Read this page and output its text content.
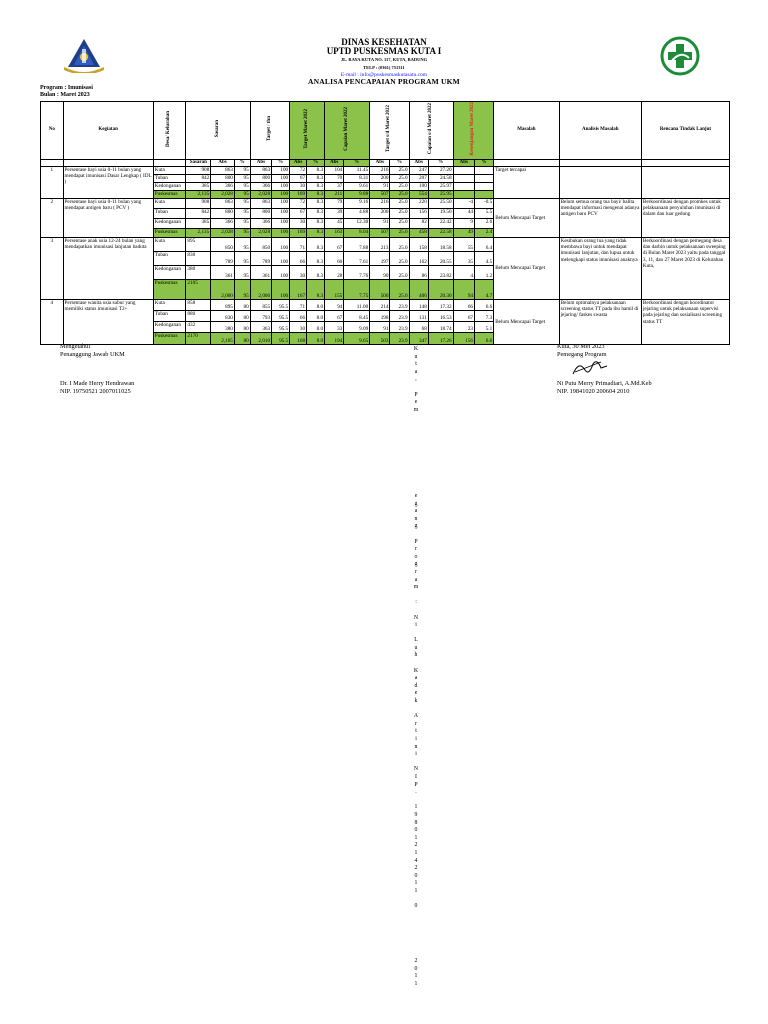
DINAS KESEHATAN
UPTD PUSKESMAS KUTA I
JL. RAYA KUTA NO. 117, KUTA, BADUNG
TELP : (0361) 751311
E-mail : info@puskesmaskutasatu.com
ANALISA PENCAPAIAN PROGRAM UKM
Program : Imunisasi
Bulan : Maret 2023
No	Kegiatan	Desa/ Kelurahan	Sasaran			Target / thn		Target Maret 2022		Capaian Maret 2022		Target s/d Maret 2022		Capaian s/d Maret 2022		Kesenjangan Maret 2022		Masalah	Analisis Masalah	Rencana Tindak Lanjut
			Sasaran	Abs	%	Abs	%	Abs	%	Abs	%	Abs	%	Abs	%	Abs	%			
1	Persentase bayi usia 0-11 bulan yang mendapat imunisasi Dasar Lengkap ( IDL )	Kuta	908	863	95	863	100	72	8.3	104	11.45	216	25.0	247	27.20			Target tercapai		
		Tuban	842	800	95	800	100	67	8.3	70	8.31	200	25.0	207	24.58					
		Kedonganan	385	366	95	366	100	30	8.3	37	9.61	91	25.0	100	25.97					
		Puskesmas	2,135	2,028	95	2,028	100	169	8.3	211	9.88	507	25.0	554	25.95					
2	Persentase bayi usia 0-11 bulan yang mendapat antigen baru ( PCV )	Kuta	908	863	95	863	100	72	8.3	79	9.16	216	25.0	220	25.50	-4	-0.5	Belum Mencapai Target	Belum semua orang tua bayi/ balita mendapat informasi mengenai adanya antigen baru PCV	Berkoordinasi dengan promkes untuk pelaksanaan penyuluhan imunisasi di dalam dan luar gedung
		Tuban	842	800	95	800	100	67	8.3	39	4.88	200	25.0	156	19.50	44	5.5			
		Kedonganan	385	366	95	366	100	30	8.3	45	12.30	91	25.0	82	22.42	9	2.6			
		Puskesmas	2,135	2,028	95	2,028	100	169	8.3	163	8.04	507	25.0	458	22.58	49	2.4			
3	Persentase anak usia 12-24 bulan yang mendapatkan imunisasi lanjutan baduta	Kuta	895	850	95	850	100	71	8.3	67	7.88	213	25.0	158	18.58	55	6.4	Belum Mencapai Target	Kesibukan orang tua yang tidak membawa bayi untuk mendapat imunisasi lanjutan, dan lupua untuk melengkapi status imunisasi anaknya	Berkoordinasi dengan pemegang desa dan darbin untuk pelaksanaan sweeping di Bulan Maret 2023 yaitu pada tanggal 3, 11, dan 27 Maret 2023 di Kelurahan Kuta,
		Tuban	830	789	95	789	100	66	8.3	60	7.61	197	25.0	162	20.55	35	4.5			
		Kedonganan	380	361	95	361	100	30	8.3	28	7.76	90	25.0	86	23.82	4	1.2			
		Puskesmas	2105	2,000	95	2,000	100	167	8.3	155	7.75	500	25.0	406	20.30	94	4.7			
4	Persentase wanita usia subur yang memiliki status imunisasi T2+	Kuta	858	895	80	855	95.5	71	8.0	94	11.00	214	23.9	148	17.32	66	6.6	Belum Mencapai Target	Belum optimalnya pelaksanaan screening status TT pada ibu hamil di jejaring/ faskes swasta	Berkoordinasi dengan koordinator jejaring untuk pelaksanaan supervisi pada jejaring dan sosialisasi screening status TT
		Tuban	880	830	80	793	95.5	66	8.0	67	8.45	198	23.9	131	16.53	67	7.3			
		Kedonganan	432	380	80	363	95.5	30	8.0	33	9.09	91	23.9	68	18.74	23	5.1			
		Puskesmas	2170	2,105	80	2,010	95.5	168	8.0	194	9.65	503	23.9	347	17.26	156	6.6			
Mengetahui
Penanggung Jawab UKM
Dr. I Made Herry Hendrawan
NIP. 19750521 2007011025
Kuta, 30 Mei 2023
Pemegang Program
Ni Putu Merry Primadiari, A.Md.Keb
NIP. 19841020 200604 2010
K
u
t
a
,

P
e
m
e
g
a
n
g

P
r
o
g
r
a
m

:

N
i

L
u
h

K
a
d
e
k

A
r
t
i
n
i

N
I
P
.

1
9
8
0
1
2
1
4
2
0
1
1

0
2
0
1
1
